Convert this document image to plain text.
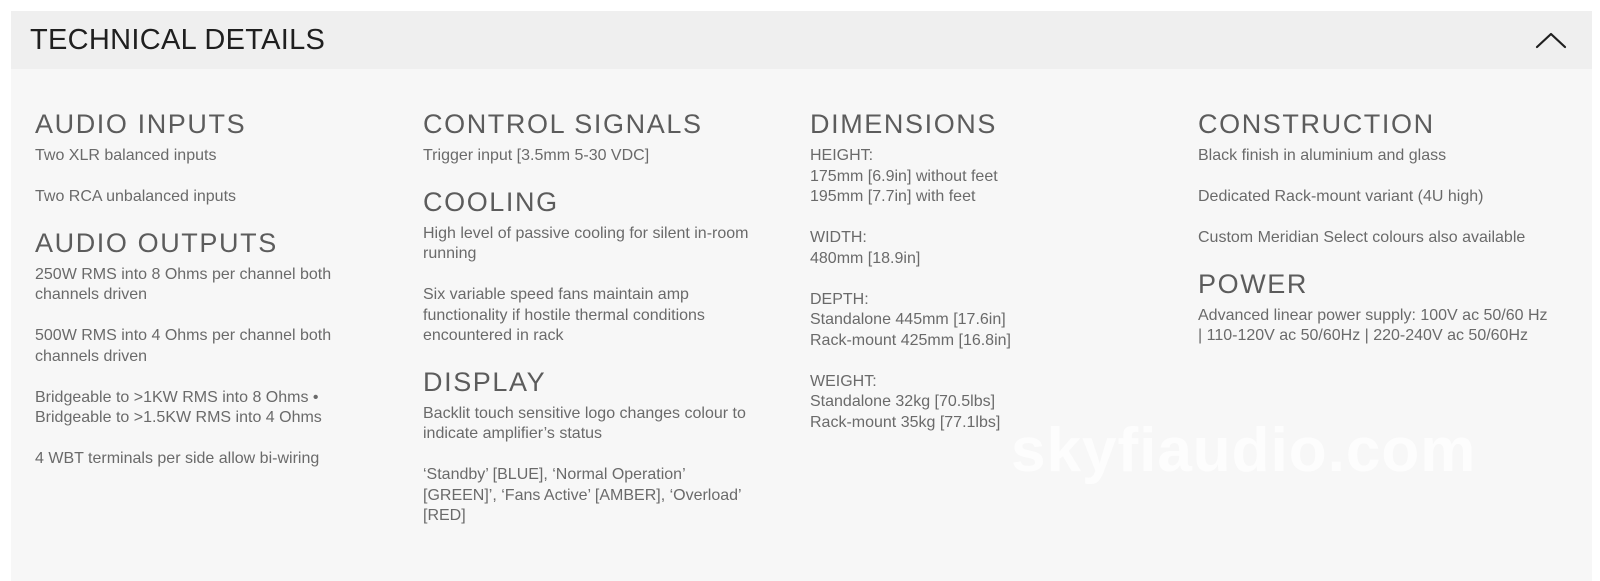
TECHNICAL DETAILS
AUDIO INPUTS

Two XLR balanced inputs

Two RCA unbalanced inputs

AUDIO OUTPUTS

250W RMS into 8 Ohms per channel both channels driven

500W RMS into 4 Ohms per channel both channels driven

Bridgeable to >1KW RMS into 8 Ohms • Bridgeable to >1.5KW RMS into 4 Ohms

4 WBT terminals per side allow bi-wiring

CONTROL SIGNALS

Trigger input [3.5mm 5-30 VDC]

COOLING

High level of passive cooling for silent in-room running

Six variable speed fans maintain amp functionality if hostile thermal conditions encountered in rack

DISPLAY

Backlit touch sensitive logo changes colour to indicate amplifier’s status

‘Standby’ [BLUE], ‘Normal Operation’ [GREEN]’, ‘Fans Active’ [AMBER], ‘Overload’ [RED]

DIMENSIONS

HEIGHT:
175mm [6.9in] without feet
195mm [7.7in] with feet

WIDTH:
480mm [18.9in]

DEPTH:
Standalone 445mm [17.6in]
Rack-mount 425mm [16.8in]

WEIGHT:
Standalone 32kg [70.5lbs]
Rack-mount 35kg [77.1lbs]

CONSTRUCTION

Black finish in aluminium and glass

Dedicated Rack-mount variant (4U high)

Custom Meridian Select colours also available

POWER

Advanced linear power supply: 100V ac 50/60 Hz | 110-120V ac 50/60Hz | 220-240V ac 50/60Hz

skyfiaudio.com
